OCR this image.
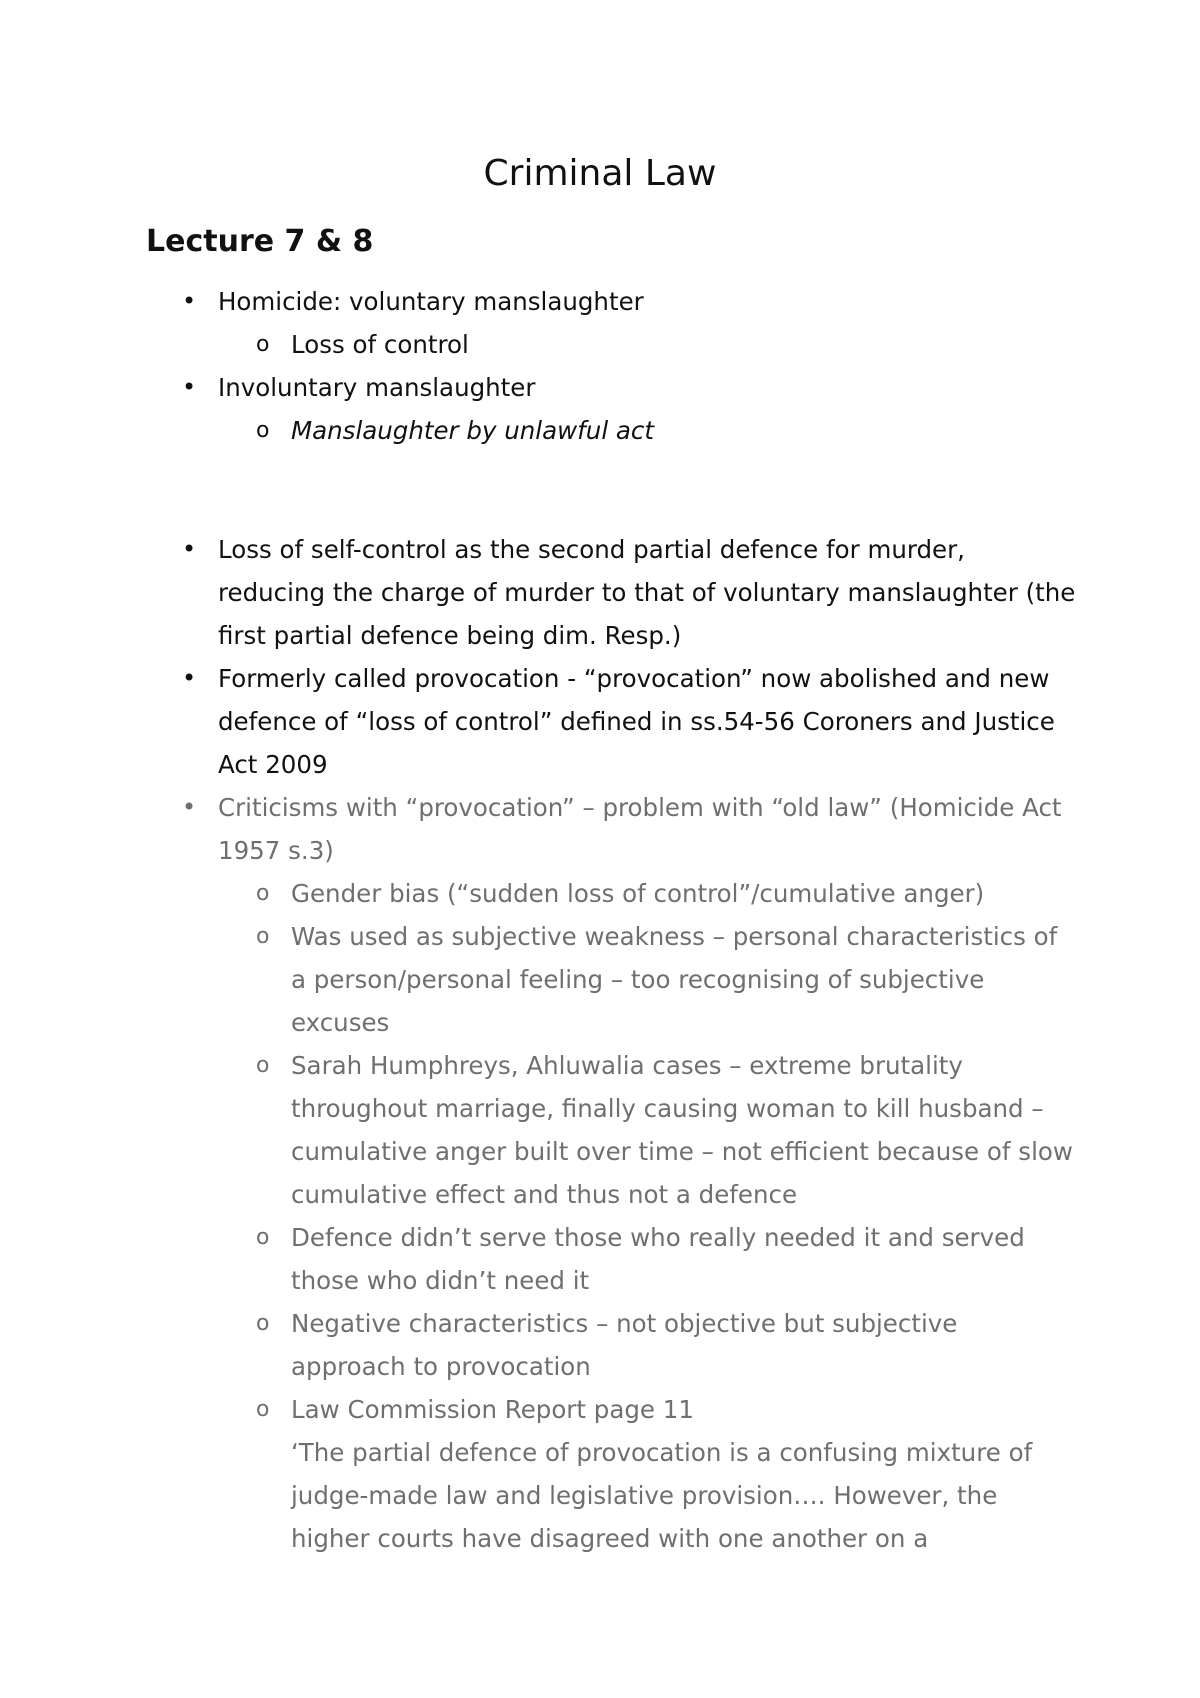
Criminal Law
Lecture 7 & 8
• Homicide: voluntary manslaughter
o Loss of control
• Involuntary manslaughter
o Manslaughter by unlawful act
• Loss of self-control as the second partial defence for murder, reducing the charge of murder to that of voluntary manslaughter (the first partial defence being dim. Resp.)
• Formerly called provocation - “provocation” now abolished and new defence of “loss of control” defined in ss.54-56 Coroners and Justice Act 2009
• Criticisms with “provocation” – problem with “old law” (Homicide Act 1957 s.3)
o Gender bias (“sudden loss of control”/cumulative anger)
o Was used as subjective weakness – personal characteristics of a person/personal feeling – too recognising of subjective excuses
o Sarah Humphreys, Ahluwalia cases – extreme brutality throughout marriage, finally causing woman to kill husband – cumulative anger built over time – not efficient because of slow cumulative effect and thus not a defence
o Defence didn’t serve those who really needed it and served those who didn’t need it
o Negative characteristics – not objective but subjective approach to provocation
o Law Commission Report page 11
‘The partial defence of provocation is a confusing mixture of judge-made law and legislative provision…. However, the higher courts have disagreed with one another on a
